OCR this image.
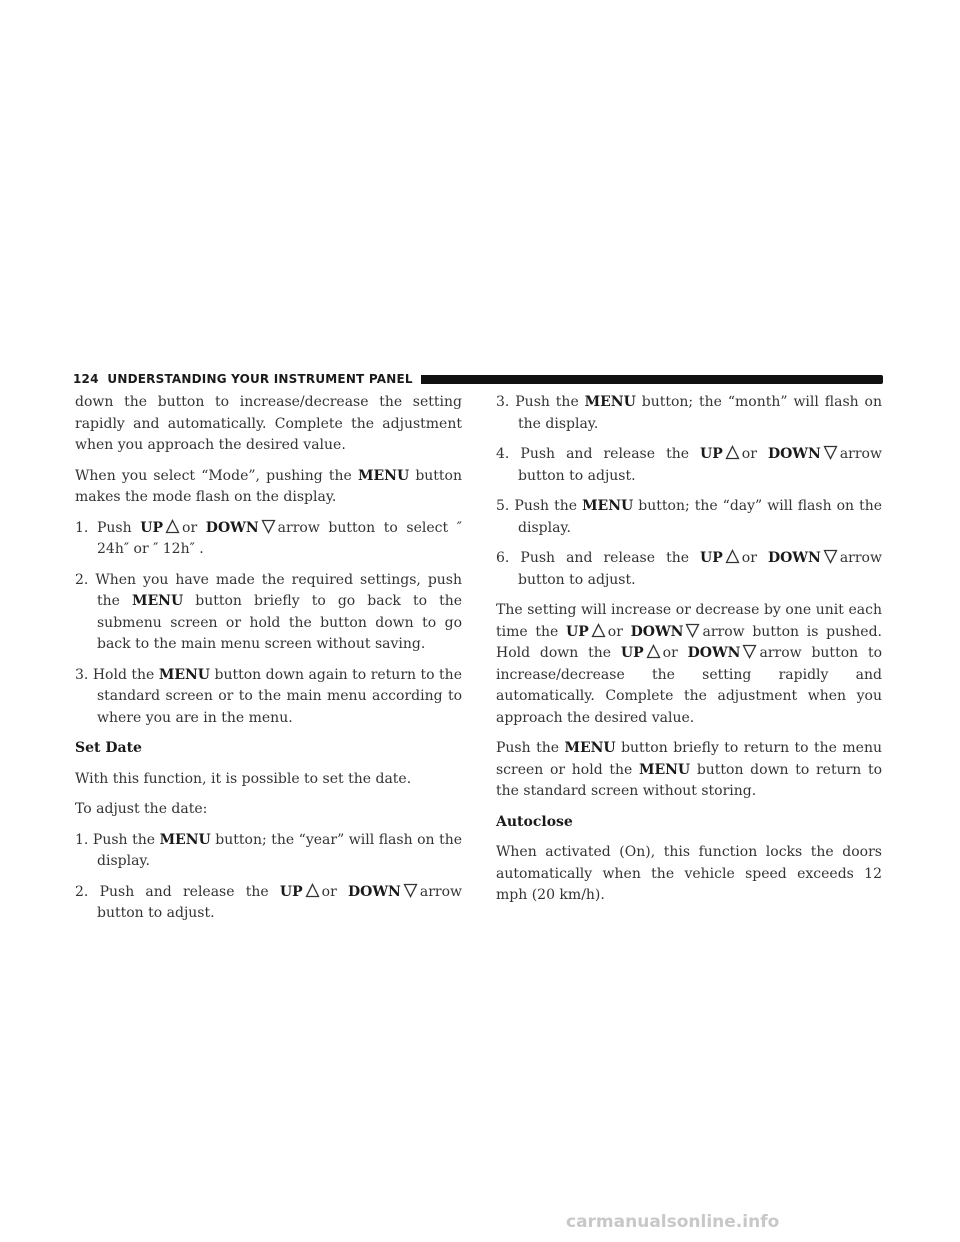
124 UNDERSTANDING YOUR INSTRUMENT PANEL

down the button to increase/decrease the setting rapidly and automatically. Complete the adjustment when you approach the desired value.

When you select “Mode”, pushing the MENU button makes the mode flash on the display.

1. Push UP or DOWN arrow button to select ″ 24h″ or ″ 12h″ .
2. When you have made the required settings, push the MENU button briefly to go back to the submenu screen or hold the button down to go back to the main menu screen without saving.
3. Hold the MENU button down again to return to the standard screen or to the main menu according to where you are in the menu.
Set Date

With this function, it is possible to set the date.

To adjust the date:

1. Push the MENU button; the “year” will flash on the display.
2. Push and release the UP or DOWN arrow button to adjust.
3. Push the MENU button; the “month” will flash on the display.
4. Push and release the UP or DOWN arrow button to adjust.
5. Push the MENU button; the “day” will flash on the display.
6. Push and release the UP or DOWN arrow button to adjust.

The setting will increase or decrease by one unit each time the UP or DOWN arrow button is pushed. Hold down the UP or DOWN arrow button to increase/decrease the setting rapidly and automatically. Complete the adjustment when you approach the desired value.

Push the MENU button briefly to return to the menu screen or hold the MENU button down to return to the standard screen without storing.

Autoclose

When activated (On), this function locks the doors automatically when the vehicle speed exceeds 12 mph (20 km/h).

carmanualsonline.info
